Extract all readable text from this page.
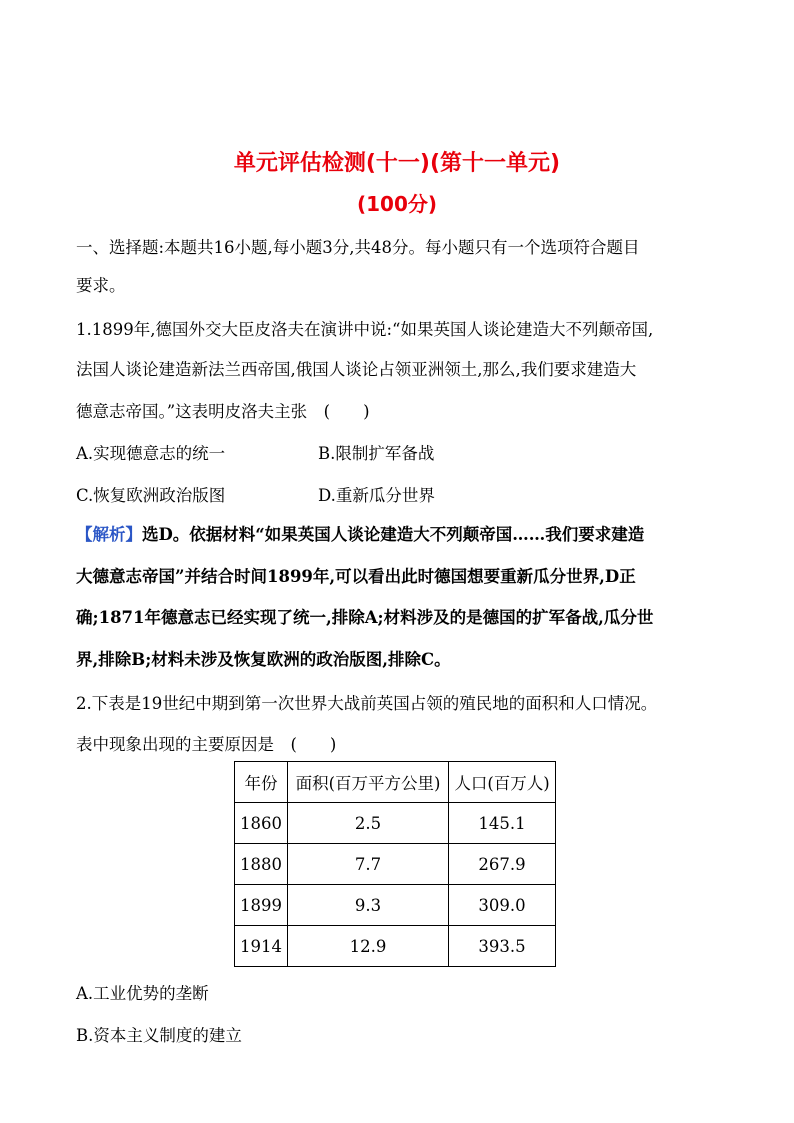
单元评估检测(十一)(第十一单元)
(100分)
一、选择题:本题共16小题,每小题3分,共48分。每小题只有一个选项符合题目
要求。
1.1899年,德国外交大臣皮洛夫在演讲中说:“如果英国人谈论建造大不列颠帝国,
法国人谈论建造新法兰西帝国,俄国人谈论占领亚洲领土,那么,我们要求建造大
德意志帝国。”这表明皮洛夫主张　(　　)
A.实现德意志的统一	B.限制扩军备战
C.恢复欧洲政治版图	D.重新瓜分世界
【解析】选D。依据材料“如果英国人谈论建造大不列颠帝国……我们要求建造
大德意志帝国”并结合时间1899年,可以看出此时德国想要重新瓜分世界,D正
确;1871年德意志已经实现了统一,排除A;材料涉及的是德国的扩军备战,瓜分世
界,排除B;材料未涉及恢复欧洲的政治版图,排除C。
2.下表是19世纪中期到第一次世界大战前英国占领的殖民地的面积和人口情况。
表中现象出现的主要原因是　(　　)
年份	面积(百万平方公里)	人口(百万人)
1860	2.5	145.1
1880	7.7	267.9
1899	9.3	309.0
1914	12.9	393.5
A.工业优势的垄断
B.资本主义制度的建立
